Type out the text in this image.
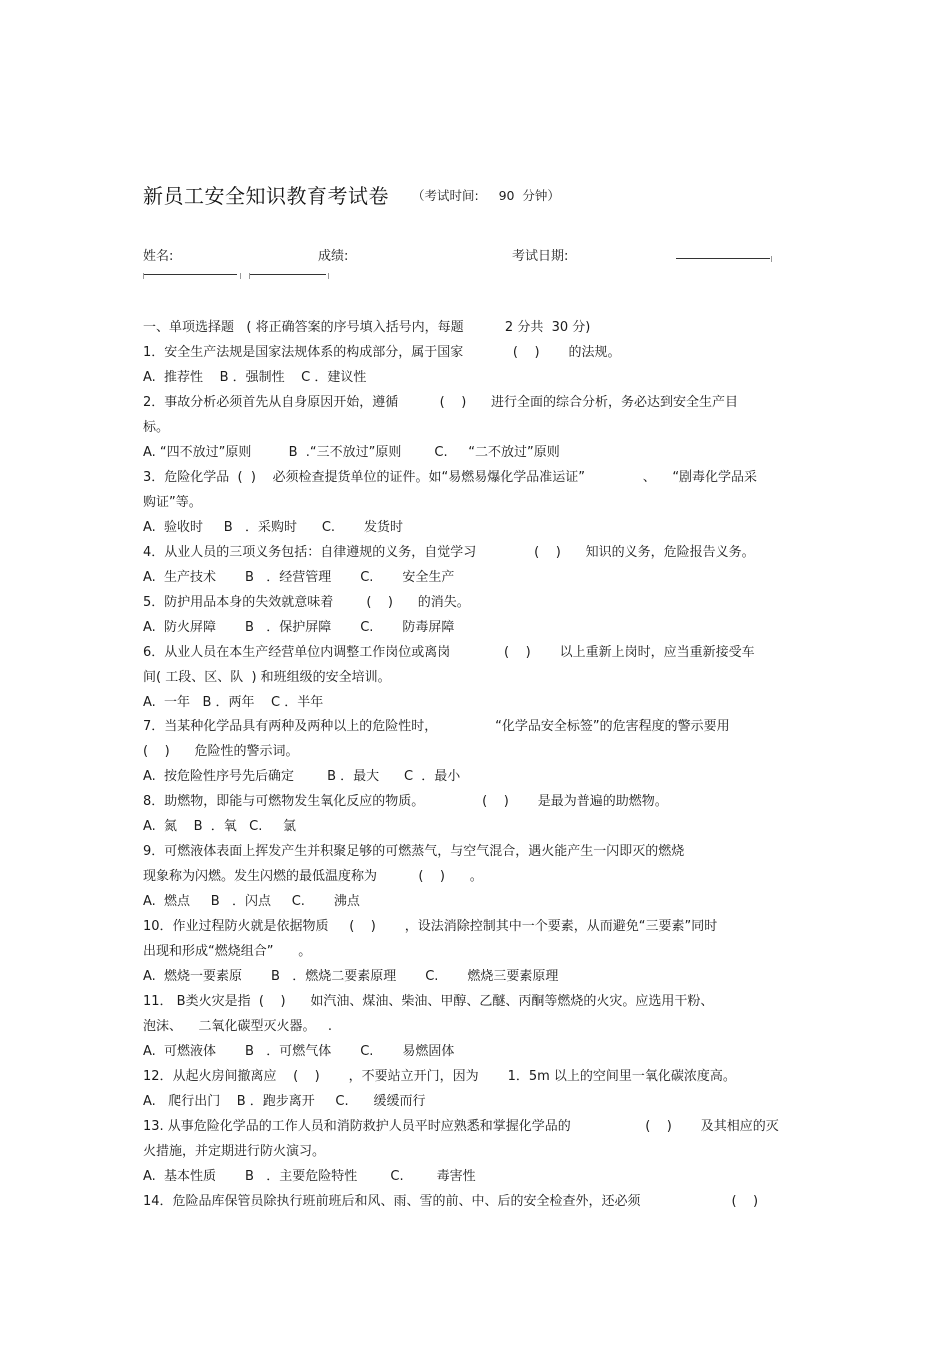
新员工安全知识教育考试卷 （考试时间:     90  分钟）
姓名:	成绩:	考试日期:
一、单项选择题   ( 将正确答案的序号填入括号内，每题          2 分共  30 分)
1．安全生产法规是国家法规体系的构成部分，属于国家            (    )       的法规。
A.  推荐性    B ．强制性    C ．建议性
2．事故分析必须首先从自身原因开始，遵循          (    )      进行全面的综合分析，务必达到安全生产目
标。
A. “四不放过”原则         B  .“三不放过”原则        C.     “二不放过”原则
3．危险化学品  (  )    必须检查提货单位的证件。如“易燃易爆化学品准运证”              、    “剧毒化学品采
购证”等。
A.  验收时     B   ．采购时      C.       发货时
4．从业人员的三项义务包括：自律遵规的义务，自觉学习              (    )      知识的义务，危险报告义务。
A.  生产技术       B   ．经营管理       C.       安全生产
5．防护用品本身的失效就意味着        (    )      的消失。
A.  防火屏障       B   ．保护屏障       C.       防毒屏障
6．从业人员在本生产经营单位内调整工作岗位或离岗             (    )       以上重新上岗时，应当重新接受车
间( 工段、区、队  ) 和班组级的安全培训。
A.  一年   B ．两年    C ．半年
7．当某种化学品具有两种及两种以上的危险性时，              “化学品安全标签”的危害程度的警示要用
(    )      危险性的警示词。
A.  按危险性序号先后确定        B ．最大      C  ．最小
8．助燃物，即能与可燃物发生氧化反应的物质。              (    )       是最为普遍的助燃物。
A.  氮    B  ．氧   C.     氯
9．可燃液体表面上挥发产生并积聚足够的可燃蒸气，与空气混合，遇火能产生一闪即灭的燃烧
现象称为闪燃。发生闪燃的最低温度称为          (    )      。
A.  燃点     B   ．闪点     C.       沸点
10．作业过程防火就是依据物质     (    )       ，设法消除控制其中一个要素，从而避免“三要素”同时
出现和形成“燃烧组合”      。
A.  燃烧一要素原       B   ．燃烧二要素原理       C.       燃烧三要素原理
11． B类火灾是指  (    )      如汽油、煤油、柴油、甲醇、乙醚、丙酮等燃烧的火灾。应选用干粉、
泡沫、    二氧化碳型灭火器。   .
A.  可燃液体       B   ．可燃气体       C.       易燃固体
12．从起火房间撤离应    (    )       ，不要站立开门，因为       1．5m 以上的空间里一氧化碳浓度高。
A.   爬行出门    B ．跑步离开     C.      缓缓而行
13. 从事危险化学品的工作人员和消防救护人员平时应熟悉和掌握化学品的                  (    )       及其相应的灭
火措施，并定期进行防火演习。
A.  基本性质       B   ．主要危险特性        C.        毒害性
14．危险品库保管员除执行班前班后和风、雨、雪的前、中、后的安全检查外，还必须                      (    )
